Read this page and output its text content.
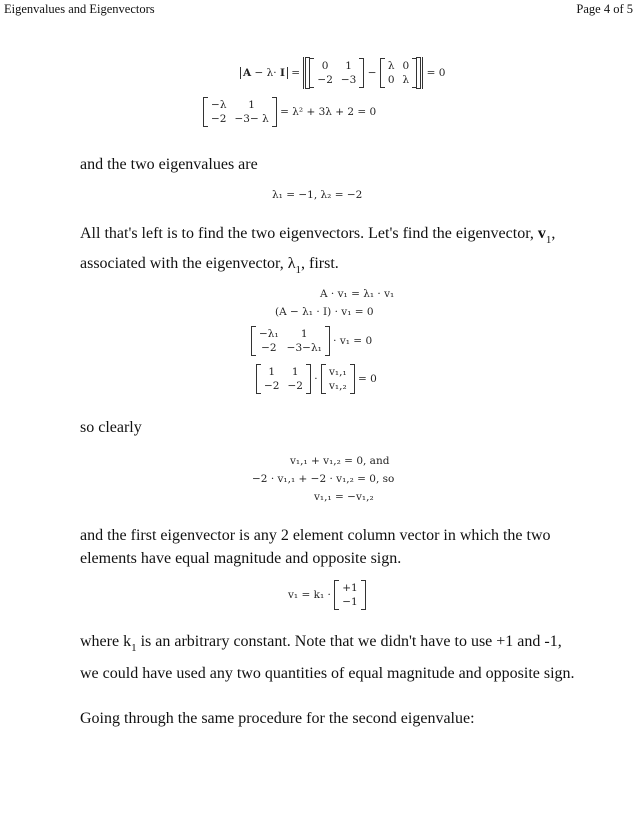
Eigenvalues and Eigenvectors	Page 4 of 5
A − λ· I =
0	1
−2	−3
−
λ	0
0	λ
= 0
−λ	1
−2	−3− λ
= λ² + 3λ + 2 = 0
and the two eigenvalues are
λ₁ = −1, λ₂ = −2
All that's left is to find the two eigenvectors. Let's find the eigenvector, $v_1$, associated with the eigenvector, $\lambda_1$, first.
A · v₁ = λ₁ · v₁
(A − λ₁ · I) · v₁ = 0
−λ₁	1
−2	−3−λ₁
· v₁ = 0
1	1
−2	−2
·
v₁,₁
v₁,₂
= 0
so clearly
v₁,₁ + v₁,₂ = 0, and
−2 · v₁,₁ + −2 · v₁,₂ = 0, so
v₁,₁ = −v₁,₂
and the first eigenvector is any 2 element column vector in which the two elements have equal magnitude and opposite sign.
v₁ = k₁ ·
+1
−1
where $k_1$ is an arbitrary constant. Note that we didn't have to use +1 and -1, we could have used any two quantities of equal magnitude and opposite sign.
Going through the same procedure for the second eigenvalue:
